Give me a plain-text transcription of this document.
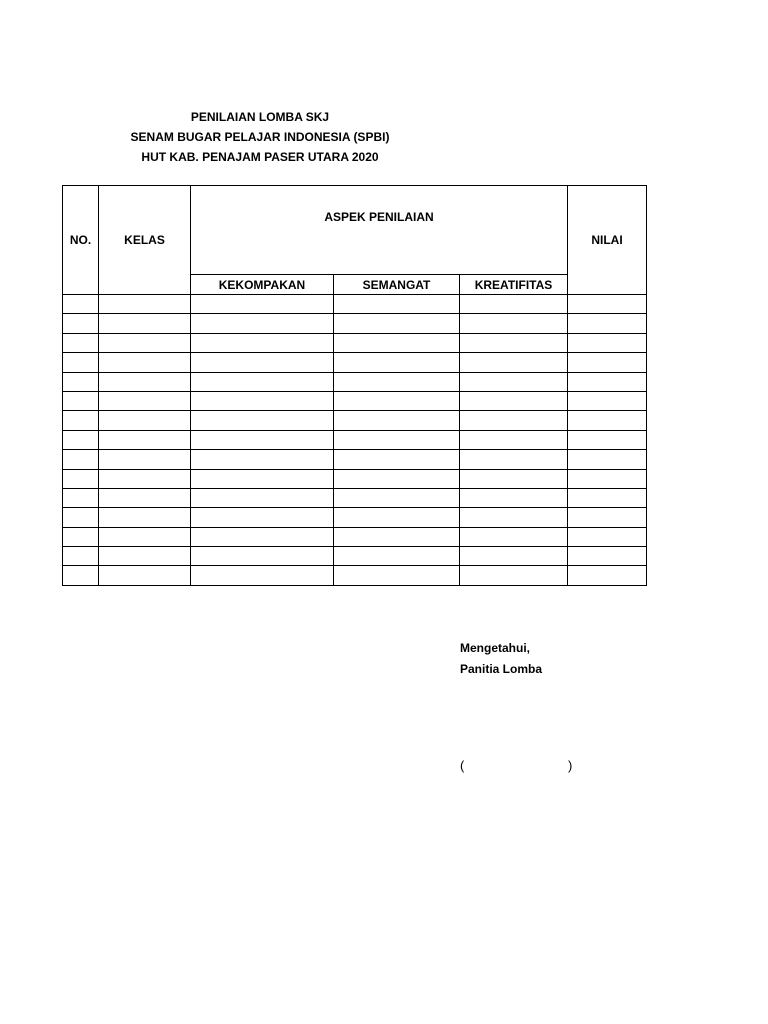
PENILAIAN LOMBA SKJ
SENAM BUGAR PELAJAR INDONESIA (SPBI)
HUT KAB. PENAJAM PASER UTARA 2020
NO.	KELAS	ASPEK PENILAIAN			NILAI
		KEKOMPAKAN	SEMANGAT	KREATIFITAS	

Mengetahui,
Panitia Lomba
(	)
